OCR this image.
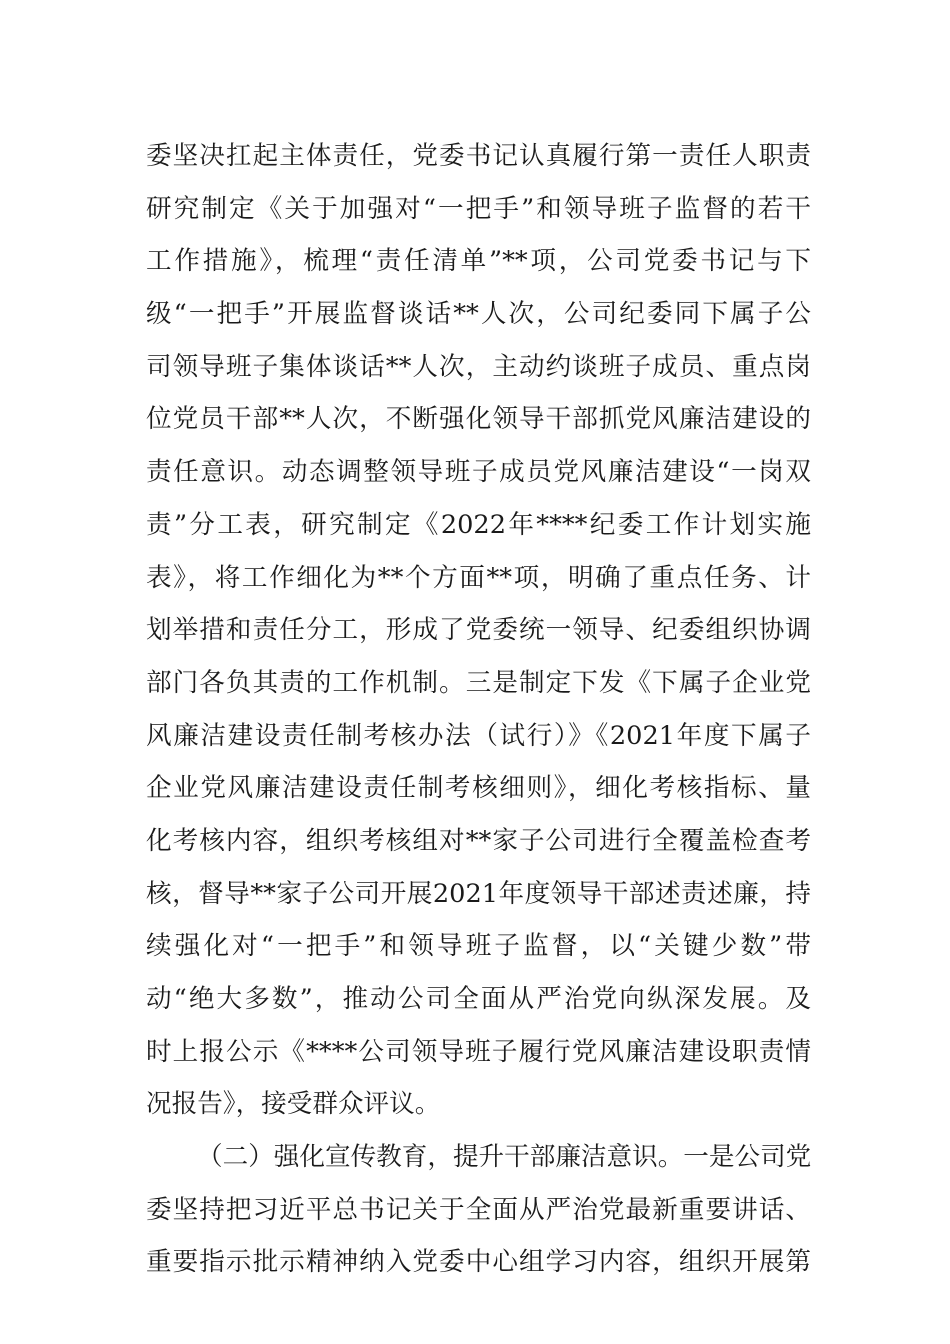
委坚决扛起主体责任，党委书记认真履行第一责任人职责
研究制定《关于加强对“一把手”和领导班子监督的若干
工作措施》，梳理“责任清单”**项，公司党委书记与下
级“一把手”开展监督谈话**人次，公司纪委同下属子公
司领导班子集体谈话**人次，主动约谈班子成员、重点岗
位党员干部**人次，不断强化领导干部抓党风廉洁建设的
责任意识。动态调整领导班子成员党风廉洁建设“一岗双
责”分工表，研究制定《2022年****纪委工作计划实施
表》，将工作细化为**个方面**项，明确了重点任务、计
划举措和责任分工，形成了党委统一领导、纪委组织协调
部门各负其责的工作机制。三是制定下发《下属子企业党
风廉洁建设责任制考核办法（试行）》《2021年度下属子
企业党风廉洁建设责任制考核细则》，细化考核指标、量
化考核内容，组织考核组对**家子公司进行全覆盖检查考
核，督导**家子公司开展2021年度领导干部述责述廉，持
续强化对“一把手”和领导班子监督，以“关键少数”带
动“绝大多数”，推动公司全面从严治党向纵深发展。及
时上报公示《****公司领导班子履行党风廉洁建设职责情
况报告》，接受群众评议。
（二）强化宣传教育，提升干部廉洁意识。一是公司党
委坚持把习近平总书记关于全面从严治党最新重要讲话、
重要指示批示精神纳入党委中心组学习内容，组织开展第
